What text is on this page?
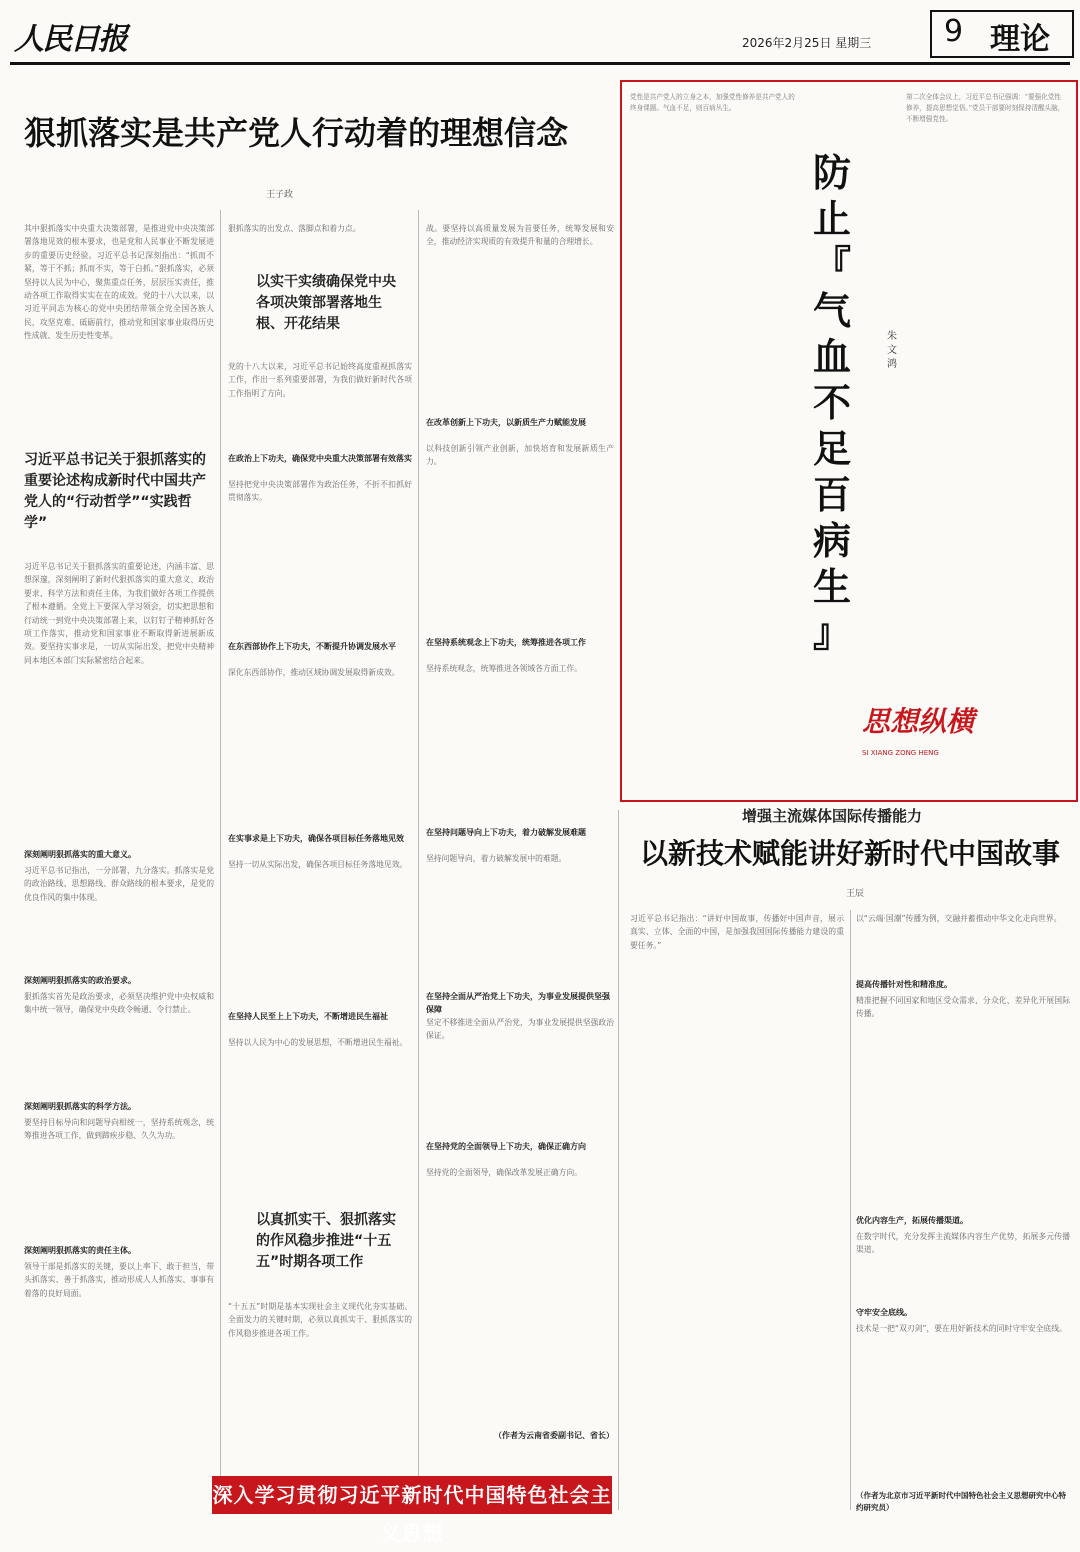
人民日报	2026年2月25日 星期三 9 理论
狠抓落实是共产党人行动着的理想信念
王子政
其中狠抓落实中央重大决策部署，是推进党中央决策部署落地见效的根本要求，也是党和人民事业不断发展进步的重要历史经验。习近平总书记深刻指出：“抓而不紧，等于不抓；抓而不实，等于白抓。”狠抓落实，必须坚持以人民为中心，聚焦重点任务，层层压实责任，推动各项工作取得实实在在的成效。党的十八大以来，以习近平同志为核心的党中央团结带领全党全国各族人民，攻坚克难、砥砺前行，推动党和国家事业取得历史性成就、发生历史性变革。
习近平总书记关于狠抓落实的重要论述构成新时代中国共产党人的“行动哲学”“实践哲学”
习近平总书记关于狠抓落实的重要论述，内涵丰富、思想深邃，深刻阐明了新时代狠抓落实的重大意义、政治要求、科学方法和责任主体，为我们做好各项工作提供了根本遵循。全党上下要深入学习领会，切实把思想和行动统一到党中央决策部署上来，以钉钉子精神抓好各项工作落实，推动党和国家事业不断取得新进展新成效。要坚持实事求是，一切从实际出发，把党中央精神同本地区本部门实际紧密结合起来。
深刻阐明狠抓落实的重大意义。
习近平总书记指出，一分部署，九分落实。抓落实是党的政治路线、思想路线、群众路线的根本要求，是党的优良作风的集中体现。
深刻阐明狠抓落实的政治要求。
狠抓落实首先是政治要求，必须坚决维护党中央权威和集中统一领导，确保党中央政令畅通、令行禁止。
深刻阐明狠抓落实的科学方法。
要坚持目标导向和问题导向相统一，坚持系统观念，统筹推进各项工作，做到蹄疾步稳、久久为功。
深刻阐明狠抓落实的责任主体。
领导干部是抓落实的关键，要以上率下、敢于担当，带头抓落实、善于抓落实，推动形成人人抓落实、事事有着落的良好局面。
狠抓落实的出发点、落脚点和着力点。
以实干实绩确保党中央各项决策部署落地生根、开花结果
党的十八大以来，习近平总书记始终高度重视抓落实工作，作出一系列重要部署，为我们做好新时代各项工作指明了方向。
在政治上下功夫，确保党中央重大决策部署有效落实
坚持把党中央决策部署作为政治任务，不折不扣抓好贯彻落实。
在东西部协作上下功夫，不断提升协调发展水平
深化东西部协作，推动区域协调发展取得新成效。
在实事求是上下功夫，确保各项目标任务落地见效
坚持一切从实际出发，确保各项目标任务落地见效。
在坚持人民至上上下功夫，不断增进民生福祉
坚持以人民为中心的发展思想，不断增进民生福祉。
以真抓实干、狠抓落实的作风稳步推进“十五五”时期各项工作
“十五五”时期是基本实现社会主义现代化夯实基础、全面发力的关键时期，必须以真抓实干、狠抓落实的作风稳步推进各项工作。
战。要坚持以高质量发展为首要任务，统筹发展和安全，推动经济实现质的有效提升和量的合理增长。
在改革创新上下功夫，以新质生产力赋能发展
以科技创新引领产业创新，加快培育和发展新质生产力。
在坚持系统观念上下功夫，统筹推进各项工作
坚持系统观念，统筹推进各领域各方面工作。
在坚持问题导向上下功夫，着力破解发展难题
坚持问题导向，着力破解发展中的难题。
在坚持全面从严治党上下功夫，为事业发展提供坚强保障
坚定不移推进全面从严治党，为事业发展提供坚强政治保证。
在坚持党的全面领导上下功夫，确保正确方向
坚持党的全面领导，确保改革发展正确方向。
（作者为云南省委副书记、省长）
党性是共产党人的立身之本，加强党性修养是共产党人的终身课题。气血不足，则百病丛生。
防
止
『
气
血
不
足
百
病
生
』
朱
文
鸿
第二次全体会议上，习近平总书记强调：“要强化党性修养，提高思想觉悟。”党员干部要时刻保持清醒头脑，不断增强党性。
思想纵横
SI XIANG ZONG HENG
增强主流媒体国际传播能力
以新技术赋能讲好新时代中国故事
王辰
习近平总书记指出：“讲好中国故事，传播好中国声音，展示真实、立体、全面的中国，是加强我国国际传播能力建设的重要任务。”
以“云端·国潮”传播为例，交融并蓄推动中华文化走向世界。
提高传播针对性和精准度。
精准把握不同国家和地区受众需求，分众化、差异化开展国际传播。
优化内容生产，拓展传播渠道。
在数字时代，充分发挥主流媒体内容生产优势，拓展多元传播渠道。
守牢安全底线。
技术是一把“双刃剑”，要在用好新技术的同时守牢安全底线。
（作者为北京市习近平新时代中国特色社会主义思想研究中心特约研究员）
深入学习贯彻习近平新时代中国特色社会主义思想
